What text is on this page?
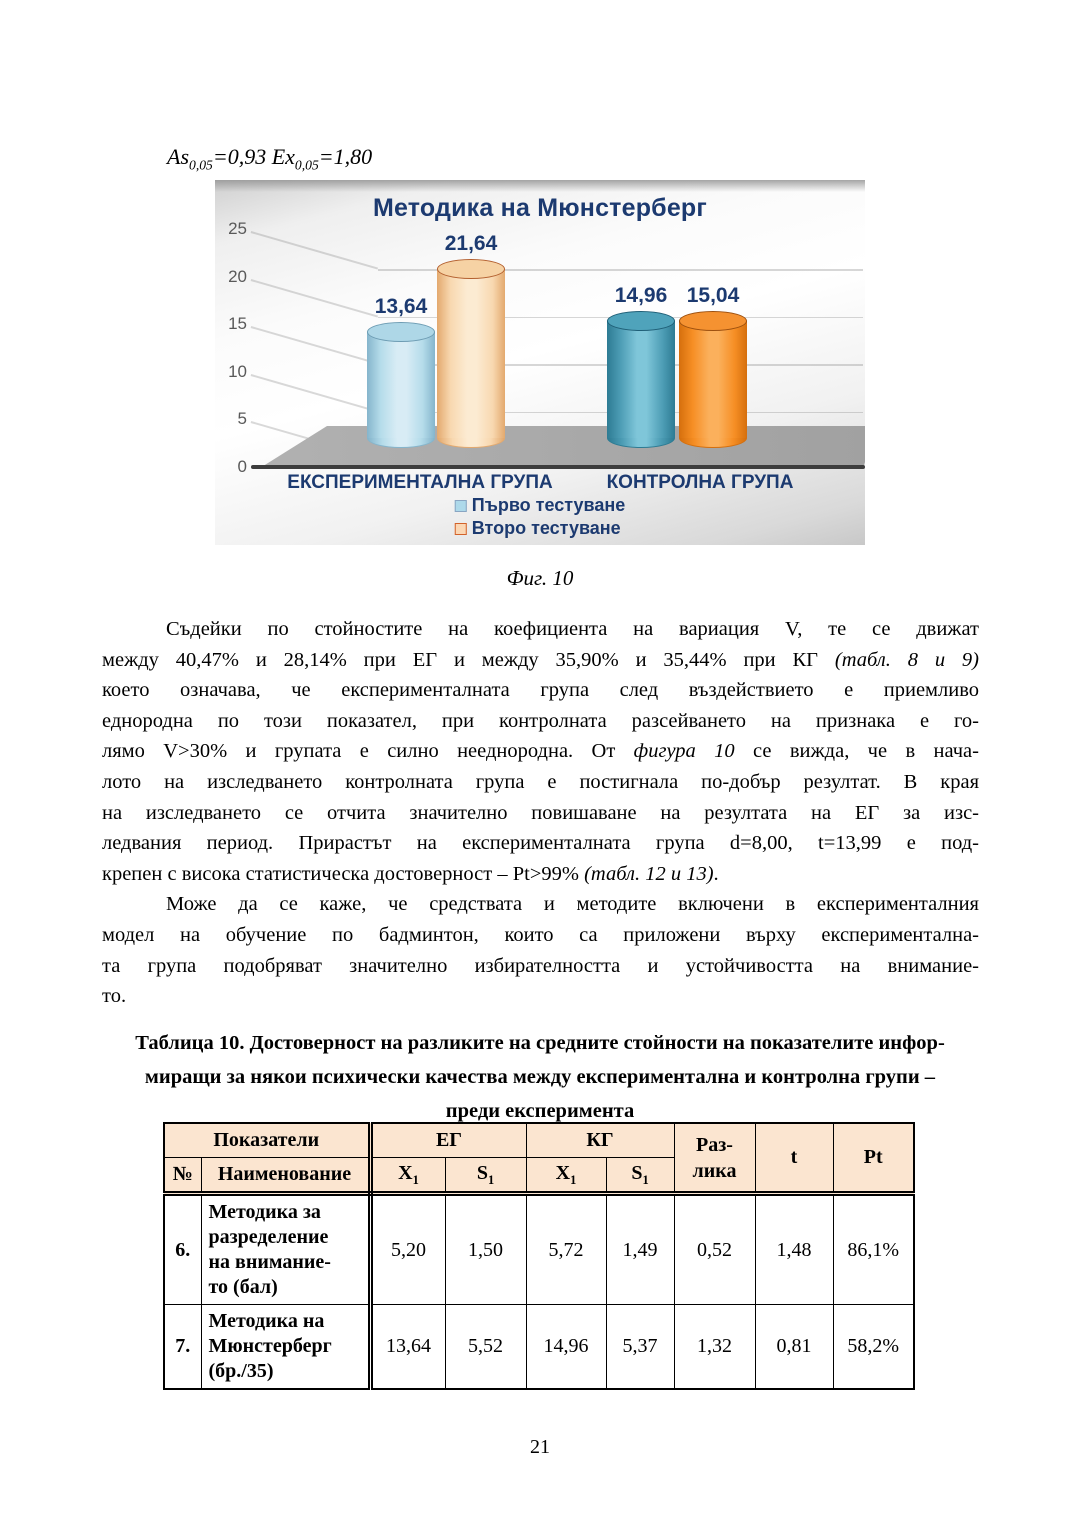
$As_{0,05}=0,93$ $Ex_{0,05}=1,80$
Методика на Мюнстерберг
0
5
10
15
20
25
13,64	14,96
21,64
15,04
ЕКСПЕРИМЕНТАЛНА ГРУПА	КОНТРОЛНА ГРУПА
Първо тестуване
Второ тестуване
Фиг. 10
Съдейки по стойностите на коефициента на вариация V, те се движат
между 40,47% и 28,14% при ЕГ и между 35,90% и 35,44% при КГ (табл. 8 и 9)
което означава, че експерименталната група след въздействието е приемливо
еднородна по този показател, при контролната разсейването на признака е го-
лямо V>30% и групата е силно нееднородна. От фигура 10 се вижда, че в нача-
лото на изследването контролната група е постигнала по-добър резултат. В края
на изследването се отчита значително повишаване на резултата на ЕГ за изс-
ледвания период. Прирастът на експерименталната група d=8,00, t=13,99 е под-
крепен с висока статистическа достоверност – Pt>99% (табл. 12 и 13).
Може да се каже, че средствата и методите включени в експерименталния
модел на обучение по бадминтон, които са приложени върху експериментална-
та група подобряват значително избирателността и устойчивостта на внимание-
то.
Таблица 10. Достоверност на разликите на средните стойности на показателите инфор-
миращи за някои психически качества между експериментална и контролна групи –
преди експеримента
Показатели		ЕГ		КГ		Раз-
лика	t	Pt
№	Наименование	$X_1$	$S_1$	$X_1$	$S_1$
6.	Методика за
разределение
на внимание-
то (бал)	5,20	1,50	5,72	1,49	0,52	1,48	86,1%
7.	Методика на
Мюнстерберг
(бр./35)	13,64	5,52	14,96	5,37	1,32	0,81	58,2%
21
